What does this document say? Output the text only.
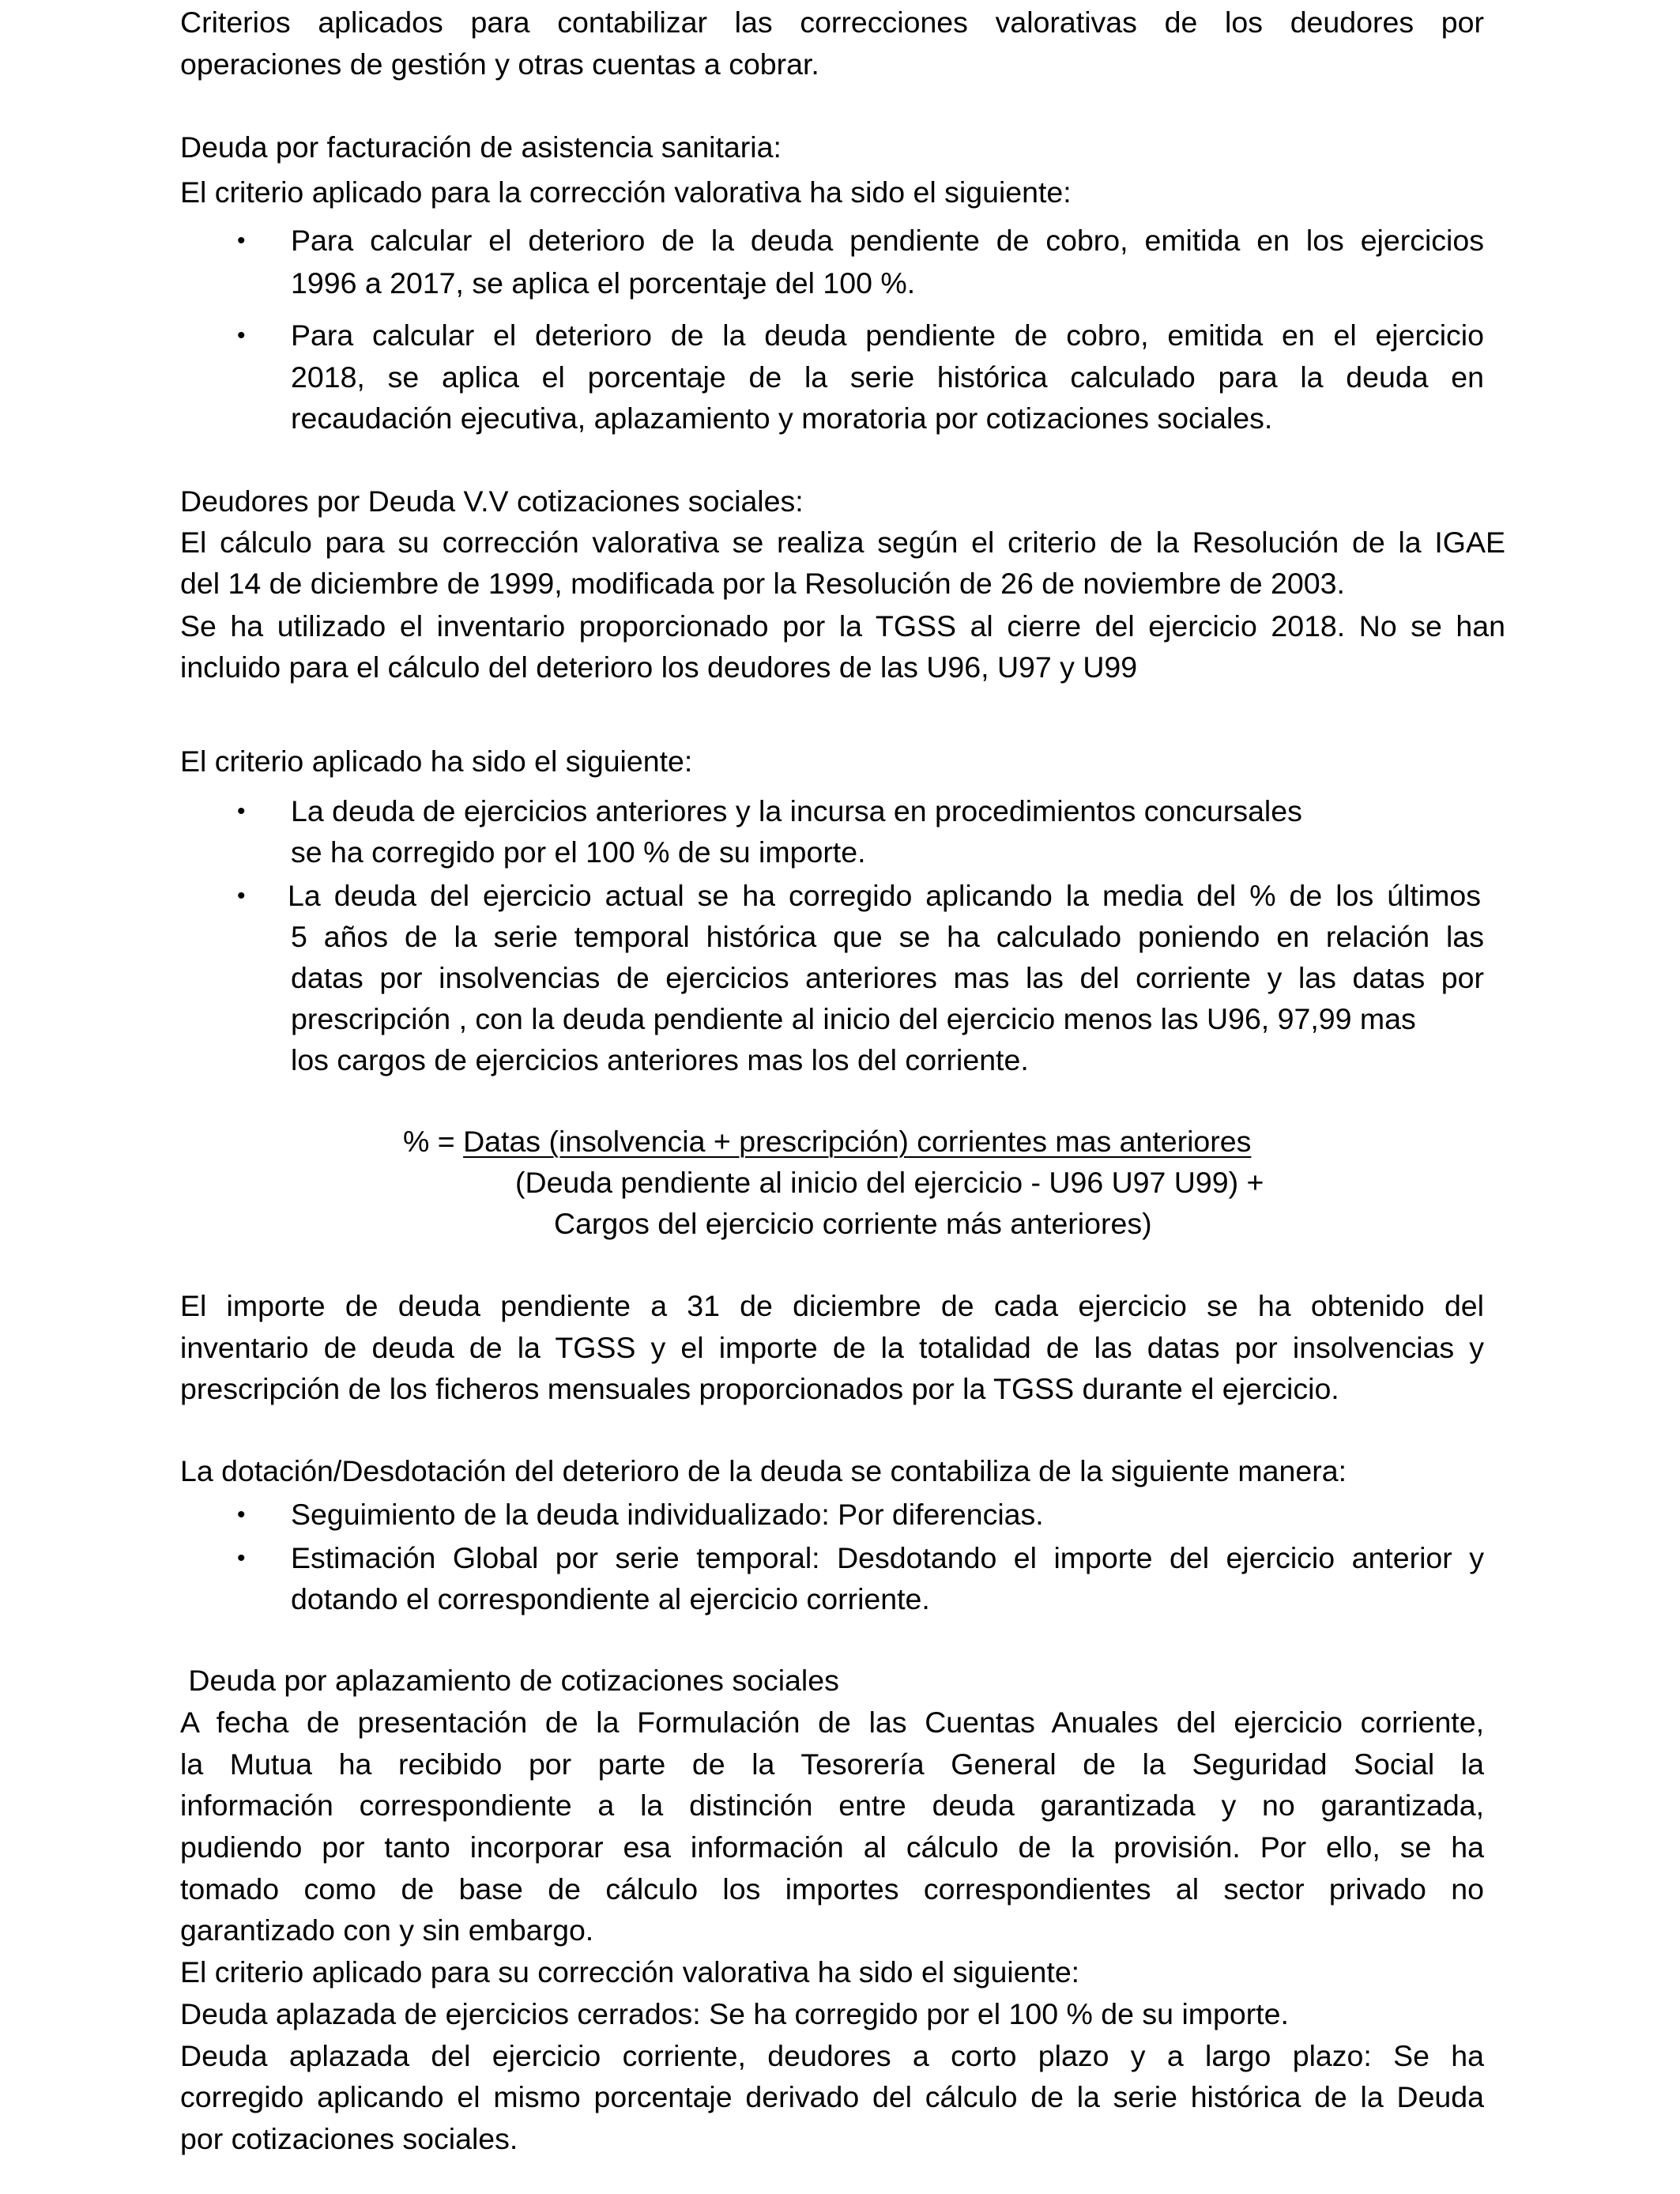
Criterios aplicados para contabilizar las correcciones valorativas de los deudores por
operaciones de gestión y otras cuentas a cobrar.
Deuda por facturación de asistencia sanitaria:
El criterio aplicado para la corrección valorativa ha sido el siguiente:
• Para calcular el deterioro de la deuda pendiente de cobro, emitida en los ejercicios
1996 a 2017, se aplica el porcentaje del 100 %.
• Para calcular el deterioro de la deuda pendiente de cobro, emitida en el ejercicio
2018, se aplica el porcentaje de la serie histórica calculado para la deuda en
recaudación ejecutiva, aplazamiento y moratoria por cotizaciones sociales.
Deudores por Deuda V.V cotizaciones sociales:
El cálculo para su corrección valorativa se realiza según el criterio de la Resolución de la IGAE
del 14 de diciembre de 1999, modificada por la Resolución de 26 de noviembre de 2003.
Se ha utilizado el inventario proporcionado por la TGSS al cierre del ejercicio 2018. No se han
incluido para el cálculo del deterioro los deudores de las U96, U97 y U99
El criterio aplicado ha sido el siguiente:
• La deuda de ejercicios anteriores y la incursa en procedimientos concursales
se ha corregido por el 100 % de su importe.
• La deuda del ejercicio actual se ha corregido aplicando la media del % de los últimos
5 años de la serie temporal histórica que se ha calculado poniendo en relación las
datas por insolvencias de ejercicios anteriores mas las del corriente y las datas por
prescripción , con la deuda pendiente al inicio del ejercicio menos las U96, 97,99 mas
los cargos de ejercicios anteriores mas los del corriente.
% = Datas (insolvencia + prescripción) corrientes mas anteriores
(Deuda pendiente al inicio del ejercicio - U96 U97 U99) +
Cargos del ejercicio corriente más anteriores)
El importe de deuda pendiente a 31 de diciembre de cada ejercicio se ha obtenido del
inventario de deuda de la TGSS y el importe de la totalidad de las datas por insolvencias y
prescripción de los ficheros mensuales proporcionados por la TGSS durante el ejercicio.
La dotación/Desdotación del deterioro de la deuda se contabiliza de la siguiente manera:
• Seguimiento de la deuda individualizado: Por diferencias.
• Estimación Global por serie temporal: Desdotando el importe del ejercicio anterior y
dotando el correspondiente al ejercicio corriente.
Deuda por aplazamiento de cotizaciones sociales
A fecha de presentación de la Formulación de las Cuentas Anuales del ejercicio corriente,
la Mutua ha recibido por parte de la Tesorería General de la Seguridad Social la
información correspondiente a la distinción entre deuda garantizada y no garantizada,
pudiendo por tanto incorporar esa información al cálculo de la provisión. Por ello, se ha
tomado como de base de cálculo los importes correspondientes al sector privado no
garantizado con y sin embargo.
El criterio aplicado para su corrección valorativa ha sido el siguiente:
Deuda aplazada de ejercicios cerrados: Se ha corregido por el 100 % de su importe.
Deuda aplazada del ejercicio corriente, deudores a corto plazo y a largo plazo: Se ha
corregido aplicando el mismo porcentaje derivado del cálculo de la serie histórica de la Deuda
por cotizaciones sociales.
